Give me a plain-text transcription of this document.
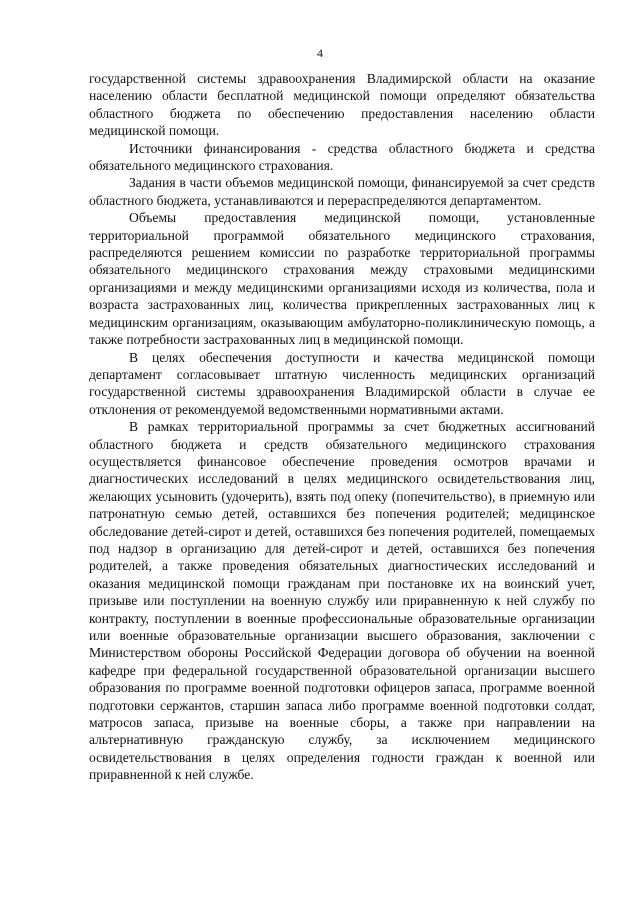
4

государственной системы здравоохранения Владимирской области на оказание населению области бесплатной медицинской помощи определяют обязательства областного бюджета по обеспечению предоставления населению области медицинской помощи.

Источники финансирования - средства областного бюджета и средства обязательного медицинского страхования.

Задания в части объемов медицинской помощи, финансируемой за счет средств областного бюджета, устанавливаются и перераспределяются департаментом.

Объемы предоставления медицинской помощи, установленные территориальной программой обязательного медицинского страхования, распределяются решением комиссии по разработке территориальной программы обязательного медицинского страхования между страховыми медицинскими организациями и между медицинскими организациями исходя из количества, пола и возраста застрахованных лиц, количества прикрепленных застрахованных лиц к медицинским организациям, оказывающим амбулаторно-поликлиническую помощь, а также потребности застрахованных лиц в медицинской помощи.

В целях обеспечения доступности и качества медицинской помощи департамент согласовывает штатную численность медицинских организаций государственной системы здравоохранения Владимирской области в случае ее отклонения от рекомендуемой ведомственными нормативными актами.

В рамках территориальной программы за счет бюджетных ассигнований областного бюджета и средств обязательного медицинского страхования осуществляется финансовое обеспечение проведения осмотров врачами и диагностических исследований в целях медицинского освидетельствования лиц, желающих усыновить (удочерить), взять под опеку (попечительство), в приемную или патронатную семью детей, оставшихся без попечения родителей; медицинское обследование детей-сирот и детей, оставшихся без попечения родителей, помещаемых под надзор в организацию для детей-сирот и детей, оставшихся без попечения родителей, а также проведения обязательных диагностических исследований и оказания медицинской помощи гражданам при постановке их на воинский учет, призыве или поступлении на военную службу или приравненную к ней службу по контракту, поступлении в военные профессиональные образовательные организации или военные образовательные организации высшего образования, заключении с Министерством обороны Российской Федерации договора об обучении на военной кафедре при федеральной государственной образовательной организации высшего образования по программе военной подготовки офицеров запаса, программе военной подготовки сержантов, старшин запаса либо программе военной подготовки солдат, матросов запаса, призыве на военные сборы, а также при направлении на альтернативную гражданскую службу, за исключением медицинского освидетельствования в целях определения годности граждан к военной или приравненной к ней службе.
